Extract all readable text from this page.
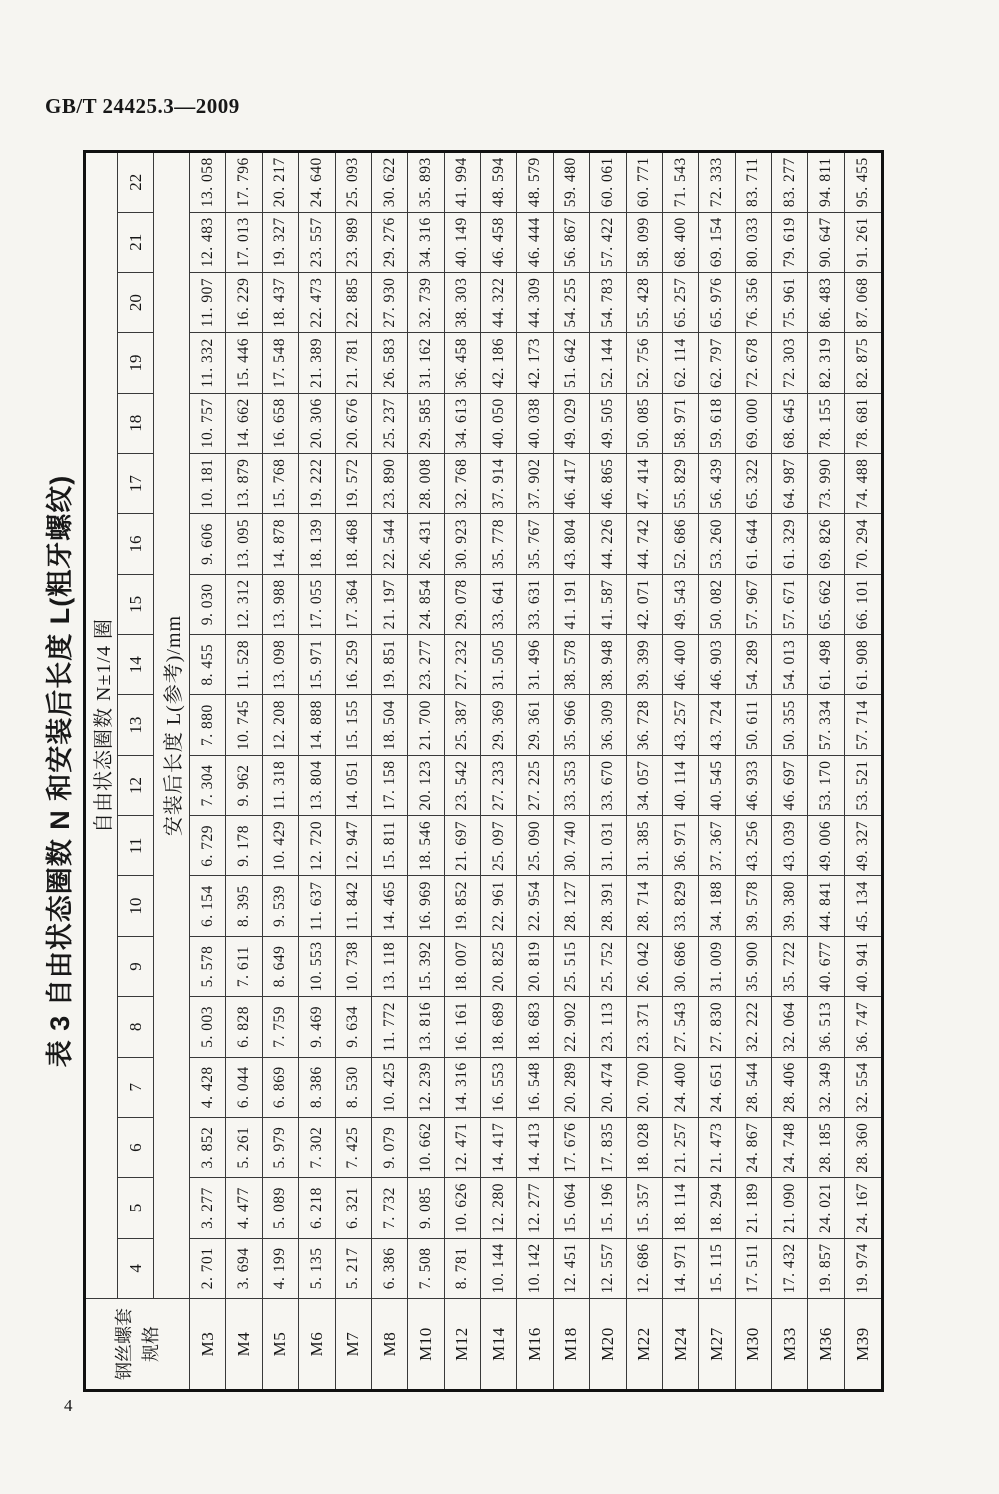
GB/T 24425.3—2009
4
表 3 自由状态圈数 N 和安装后长度 L(粗牙螺纹)
钢丝螺套 规格	自由状态圈数 N±1/4 圈																		
	4	5	6	7	8	9	10	11	12	13	14	15	16	17	18	19	20	21	22
	安装后长度 L(参考)/mm																		
M3	2. 701	3. 277	3. 852	4. 428	5. 003	5. 578	6. 154	6. 729	7. 304	7. 880	8. 455	9. 030	9. 606	10. 181	10. 757	11. 332	11. 907	12. 483	13. 058
M4	3. 694	4. 477	5. 261	6. 044	6. 828	7. 611	8. 395	9. 178	9. 962	10. 745	11. 528	12. 312	13. 095	13. 879	14. 662	15. 446	16. 229	17. 013	17. 796
M5	4. 199	5. 089	5. 979	6. 869	7. 759	8. 649	9. 539	10. 429	11. 318	12. 208	13. 098	13. 988	14. 878	15. 768	16. 658	17. 548	18. 437	19. 327	20. 217
M6	5. 135	6. 218	7. 302	8. 386	9. 469	10. 553	11. 637	12. 720	13. 804	14. 888	15. 971	17. 055	18. 139	19. 222	20. 306	21. 389	22. 473	23. 557	24. 640
M7	5. 217	6. 321	7. 425	8. 530	9. 634	10. 738	11. 842	12. 947	14. 051	15. 155	16. 259	17. 364	18. 468	19. 572	20. 676	21. 781	22. 885	23. 989	25. 093
M8	6. 386	7. 732	9. 079	10. 425	11. 772	13. 118	14. 465	15. 811	17. 158	18. 504	19. 851	21. 197	22. 544	23. 890	25. 237	26. 583	27. 930	29. 276	30. 622
M10	7. 508	9. 085	10. 662	12. 239	13. 816	15. 392	16. 969	18. 546	20. 123	21. 700	23. 277	24. 854	26. 431	28. 008	29. 585	31. 162	32. 739	34. 316	35. 893
M12	8. 781	10. 626	12. 471	14. 316	16. 161	18. 007	19. 852	21. 697	23. 542	25. 387	27. 232	29. 078	30. 923	32. 768	34. 613	36. 458	38. 303	40. 149	41. 994
M14	10. 144	12. 280	14. 417	16. 553	18. 689	20. 825	22. 961	25. 097	27. 233	29. 369	31. 505	33. 641	35. 778	37. 914	40. 050	42. 186	44. 322	46. 458	48. 594
M16	10. 142	12. 277	14. 413	16. 548	18. 683	20. 819	22. 954	25. 090	27. 225	29. 361	31. 496	33. 631	35. 767	37. 902	40. 038	42. 173	44. 309	46. 444	48. 579
M18	12. 451	15. 064	17. 676	20. 289	22. 902	25. 515	28. 127	30. 740	33. 353	35. 966	38. 578	41. 191	43. 804	46. 417	49. 029	51. 642	54. 255	56. 867	59. 480
M20	12. 557	15. 196	17. 835	20. 474	23. 113	25. 752	28. 391	31. 031	33. 670	36. 309	38. 948	41. 587	44. 226	46. 865	49. 505	52. 144	54. 783	57. 422	60. 061
M22	12. 686	15. 357	18. 028	20. 700	23. 371	26. 042	28. 714	31. 385	34. 057	36. 728	39. 399	42. 071	44. 742	47. 414	50. 085	52. 756	55. 428	58. 099	60. 771
M24	14. 971	18. 114	21. 257	24. 400	27. 543	30. 686	33. 829	36. 971	40. 114	43. 257	46. 400	49. 543	52. 686	55. 829	58. 971	62. 114	65. 257	68. 400	71. 543
M27	15. 115	18. 294	21. 473	24. 651	27. 830	31. 009	34. 188	37. 367	40. 545	43. 724	46. 903	50. 082	53. 260	56. 439	59. 618	62. 797	65. 976	69. 154	72. 333
M30	17. 511	21. 189	24. 867	28. 544	32. 222	35. 900	39. 578	43. 256	46. 933	50. 611	54. 289	57. 967	61. 644	65. 322	69. 000	72. 678	76. 356	80. 033	83. 711
M33	17. 432	21. 090	24. 748	28. 406	32. 064	35. 722	39. 380	43. 039	46. 697	50. 355	54. 013	57. 671	61. 329	64. 987	68. 645	72. 303	75. 961	79. 619	83. 277
M36	19. 857	24. 021	28. 185	32. 349	36. 513	40. 677	44. 841	49. 006	53. 170	57. 334	61. 498	65. 662	69. 826	73. 990	78. 155	82. 319	86. 483	90. 647	94. 811
M39	19. 974	24. 167	28. 360	32. 554	36. 747	40. 941	45. 134	49. 327	53. 521	57. 714	61. 908	66. 101	70. 294	74. 488	78. 681	82. 875	87. 068	91. 261	95. 455
